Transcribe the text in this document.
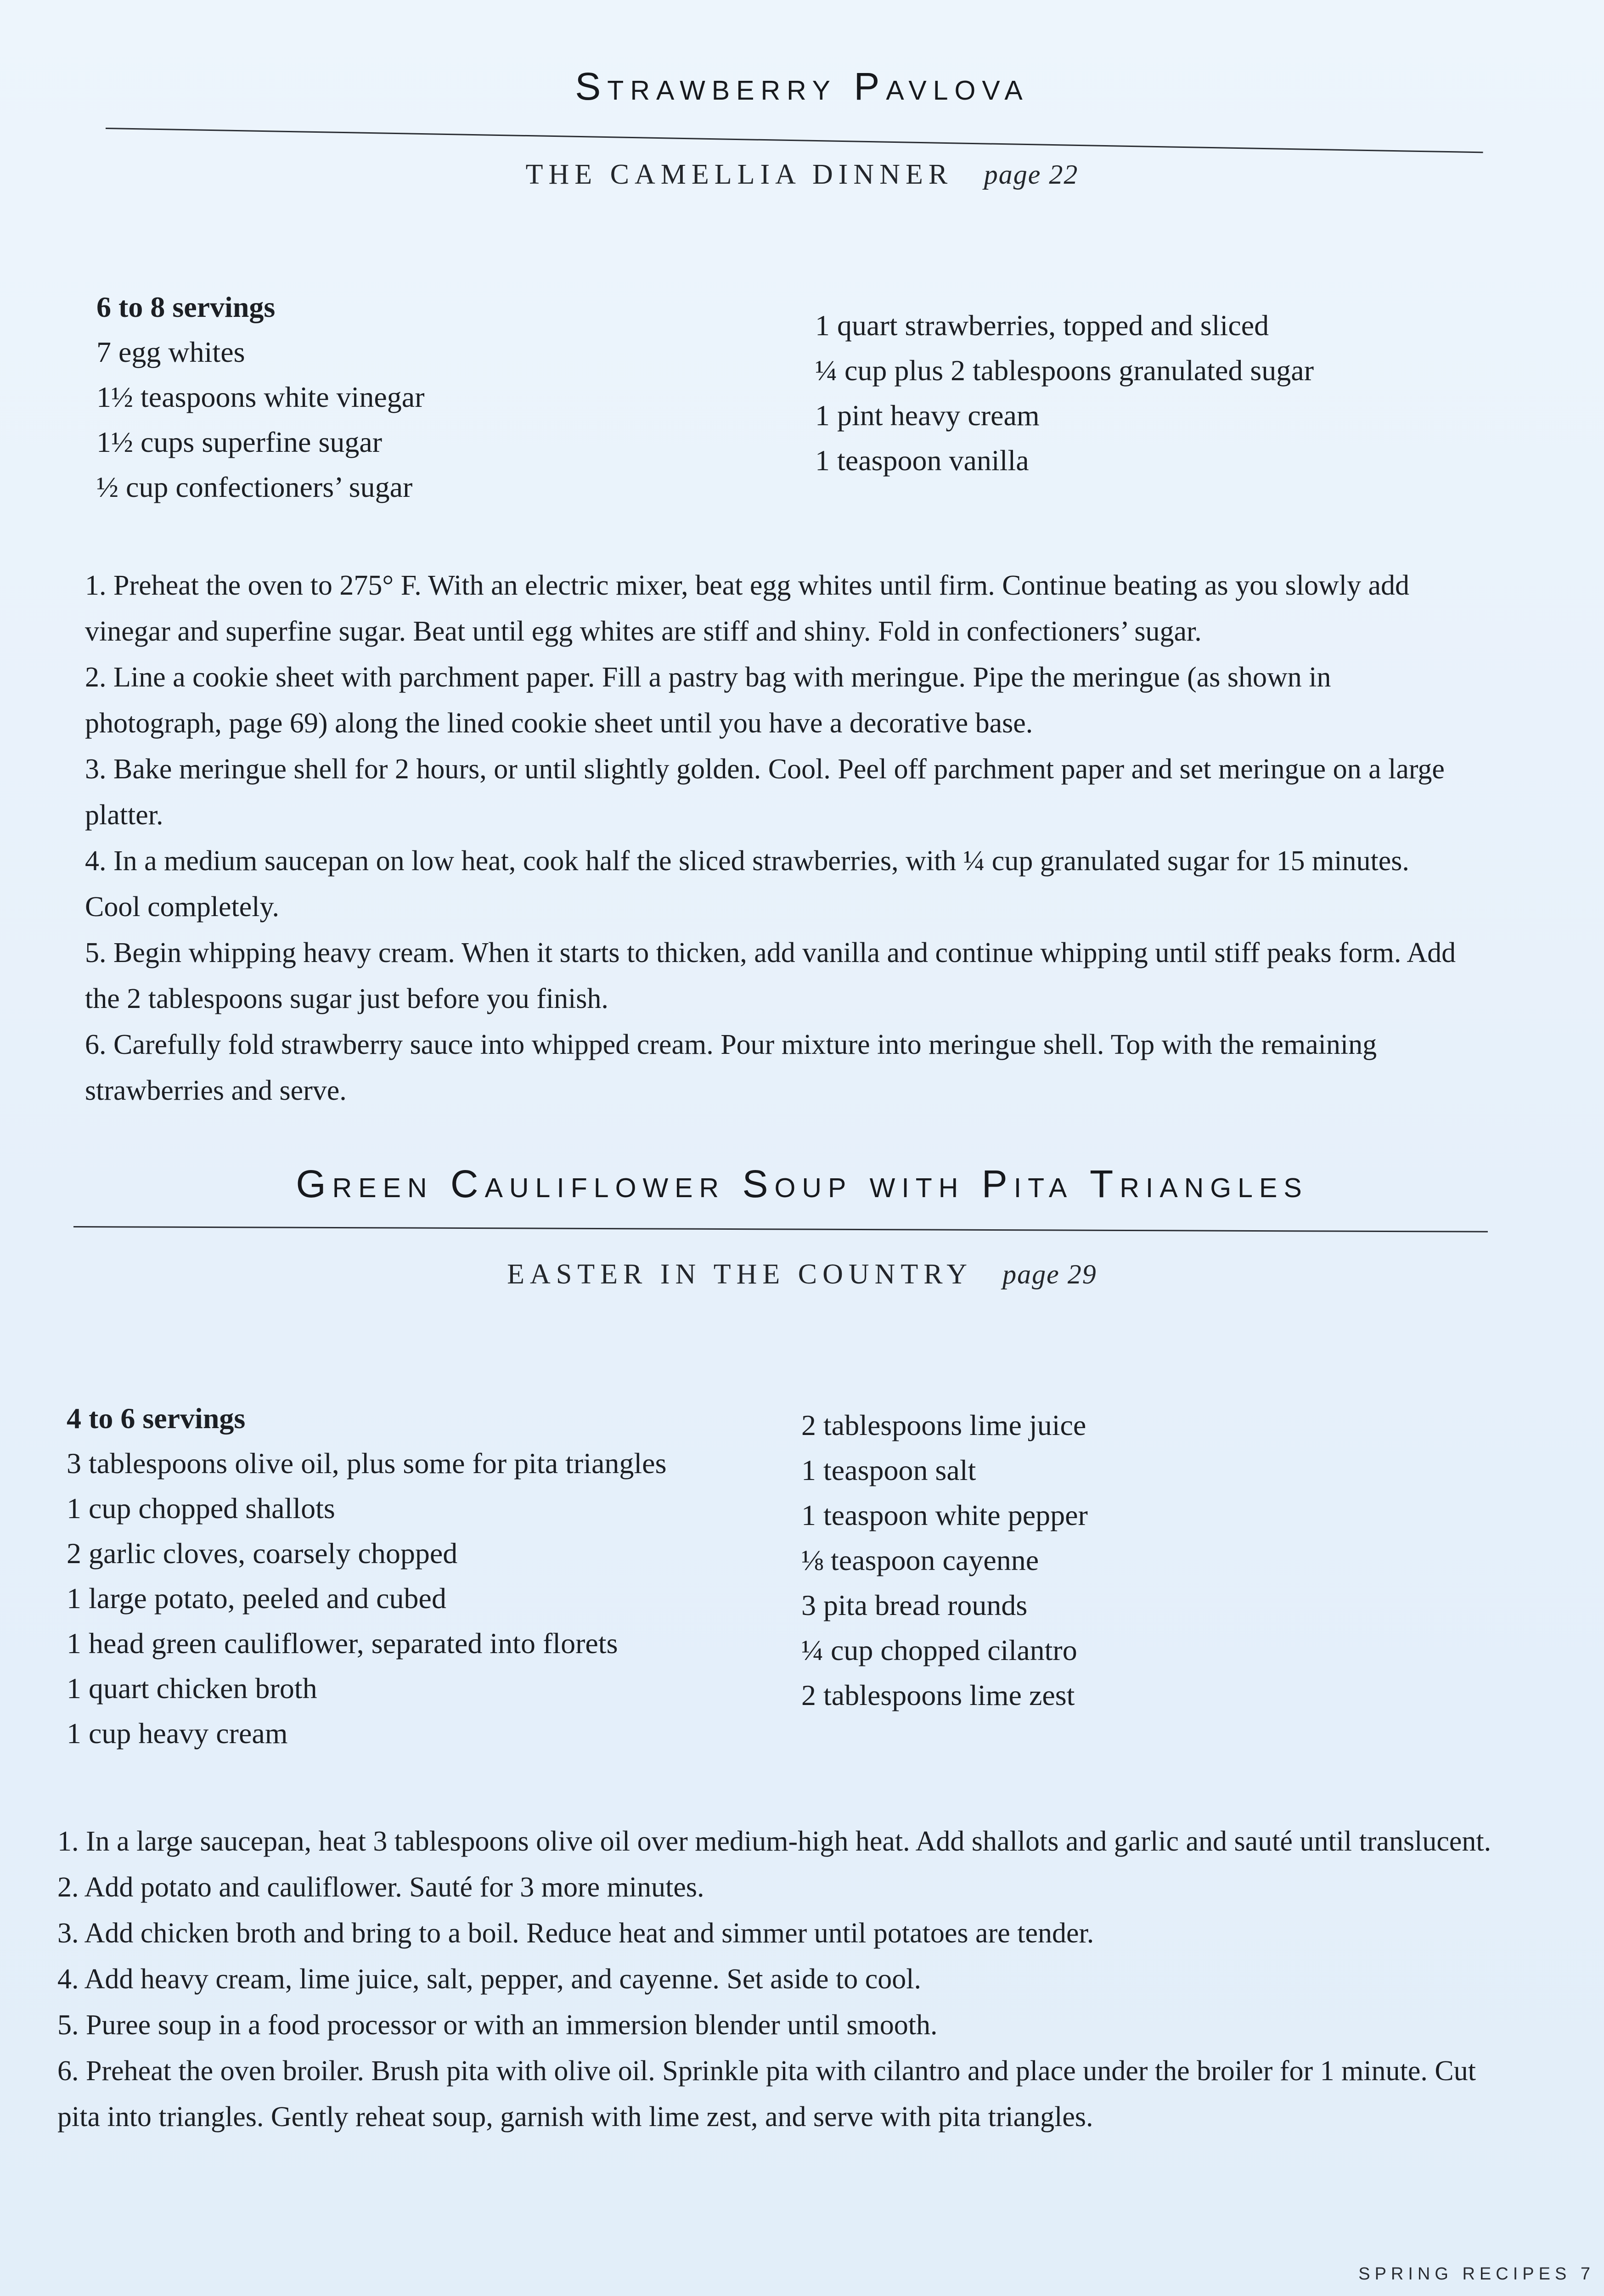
Strawberry Pavlova
THE CAMELLIA DINNER page 22
6 to 8 servings
7 egg whites
1½ teaspoons white vinegar
1½ cups superfine sugar
½ cup confectioners’ sugar
1 quart strawberries, topped and sliced
¼ cup plus 2 tablespoons granulated sugar
1 pint heavy cream
1 teaspoon vanilla

1. Preheat the oven to 275° F. With an electric mixer, beat egg whites until firm. Continue beating as you slowly add vinegar and superfine sugar. Beat until egg whites are stiff and shiny. Fold in confectioners’ sugar.

2. Line a cookie sheet with parchment paper. Fill a pastry bag with meringue. Pipe the meringue (as shown in photograph, page 69) along the lined cookie sheet until you have a decorative base.

3. Bake meringue shell for 2 hours, or until slightly golden. Cool. Peel off parchment paper and set meringue on a large platter.

4. In a medium saucepan on low heat, cook half the sliced strawberries, with ¼ cup granulated sugar for 15 minutes. Cool completely.

5. Begin whipping heavy cream. When it starts to thicken, add vanilla and continue whipping until stiff peaks form. Add the 2 tablespoons sugar just before you finish.

6. Carefully fold strawberry sauce into whipped cream. Pour mixture into meringue shell. Top with the remaining strawberries and serve.

Green Cauliflower Soup with Pita Triangles
EASTER IN THE COUNTRY page 29
4 to 6 servings
3 tablespoons olive oil, plus some for pita triangles
1 cup chopped shallots
2 garlic cloves, coarsely chopped
1 large potato, peeled and cubed
1 head green cauliflower, separated into florets
1 quart chicken broth
1 cup heavy cream
2 tablespoons lime juice
1 teaspoon salt
1 teaspoon white pepper
⅛ teaspoon cayenne
3 pita bread rounds
¼ cup chopped cilantro
2 tablespoons lime zest

1. In a large saucepan, heat 3 tablespoons olive oil over medium-high heat. Add shallots and garlic and sauté until translucent.

2. Add potato and cauliflower. Sauté for 3 more minutes.

3. Add chicken broth and bring to a boil. Reduce heat and simmer until potatoes are tender.

4. Add heavy cream, lime juice, salt, pepper, and cayenne. Set aside to cool.

5. Puree soup in a food processor or with an immersion blender until smooth.

6. Preheat the oven broiler. Brush pita with olive oil. Sprinkle pita with cilantro and place under the broiler for 1 minute. Cut pita into triangles. Gently reheat soup, garnish with lime zest, and serve with pita triangles.

SPRING RECIPES 7
